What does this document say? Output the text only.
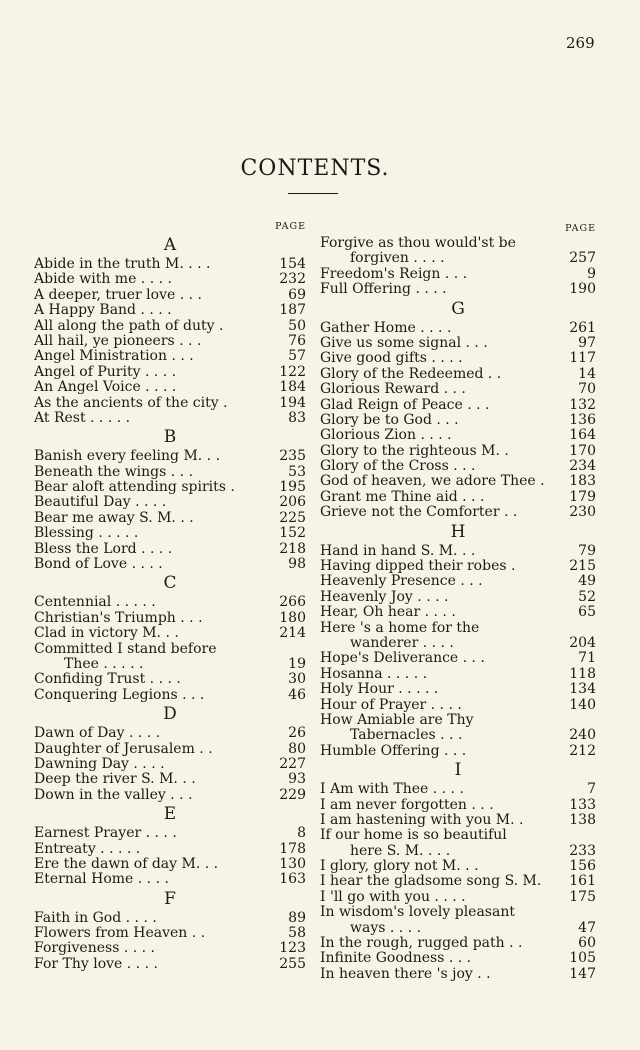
269
CONTENTS.
PAGE
A
Abide in the truth M. . . .	154
Abide with me . . . .	232
A deeper, truer love . . .	69
A Happy Band . . . .	187
All along the path of duty .	50
All hail, ye pioneers . . .	76
Angel Ministration . . .	57
Angel of Purity . . . .	122
An Angel Voice . . . .	184
As the ancients of the city .	194
At Rest . . . . .	83
B
Banish every feeling M. . .	235
Beneath the wings . . .	53
Bear aloft attending spirits .	195
Beautiful Day . . . .	206
Bear me away S. M. . .	225
Blessing . . . . .	152
Bless the Lord . . . .	218
Bond of Love . . . .	98
C
Centennial . . . . .	266
Christian's Triumph . . .	180
Clad in victory M. . .	214
Committed I stand before
Thee . . . . .	19
Confiding Trust . . . .	30
Conquering Legions . . .	46
D
Dawn of Day . . . .	26
Daughter of Jerusalem . .	80
Dawning Day . . . .	227
Deep the river S. M. . .	93
Down in the valley . . .	229
E
Earnest Prayer . . . .	8
Entreaty . . . . .	178
Ere the dawn of day M. . .	130
Eternal Home . . . .	163
F
Faith in God . . . .	89
Flowers from Heaven . .	58
Forgiveness . . . .	123
For Thy love . . . .	255
PAGE
Forgive as thou would'st be
forgiven . . . .	257
Freedom's Reign . . .	9
Full Offering . . . .	190
G
Gather Home . . . .	261
Give us some signal . . .	97
Give good gifts . . . .	117
Glory of the Redeemed . .	14
Glorious Reward . . .	70
Glad Reign of Peace . . .	132
Glory be to God . . .	136
Glorious Zion . . . .	164
Glory to the righteous M. .	170
Glory of the Cross . . .	234
God of heaven, we adore Thee .	183
Grant me Thine aid . . .	179
Grieve not the Comforter . .	230
H
Hand in hand S. M. . .	79
Having dipped their robes .	215
Heavenly Presence . . .	49
Heavenly Joy . . . .	52
Hear, Oh hear . . . .	65
Here 's a home for the
wanderer . . . .	204
Hope's Deliverance . . .	71
Hosanna . . . . .	118
Holy Hour . . . . .	134
Hour of Prayer . . . .	140
How Amiable are Thy
Tabernacles . . .	240
Humble Offering . . .	212
I
I Am with Thee . . . .	7
I am never forgotten . . .	133
I am hastening with you M. .	138
If our home is so beautiful
here S. M. . . .	233
I glory, glory not M. . .	156
I hear the gladsome song S. M.	161
I 'll go with you . . . .	175
In wisdom's lovely pleasant
ways . . . .	47
In the rough, rugged path . .	60
Infinite Goodness . . .	105
In heaven there 's joy . .	147
